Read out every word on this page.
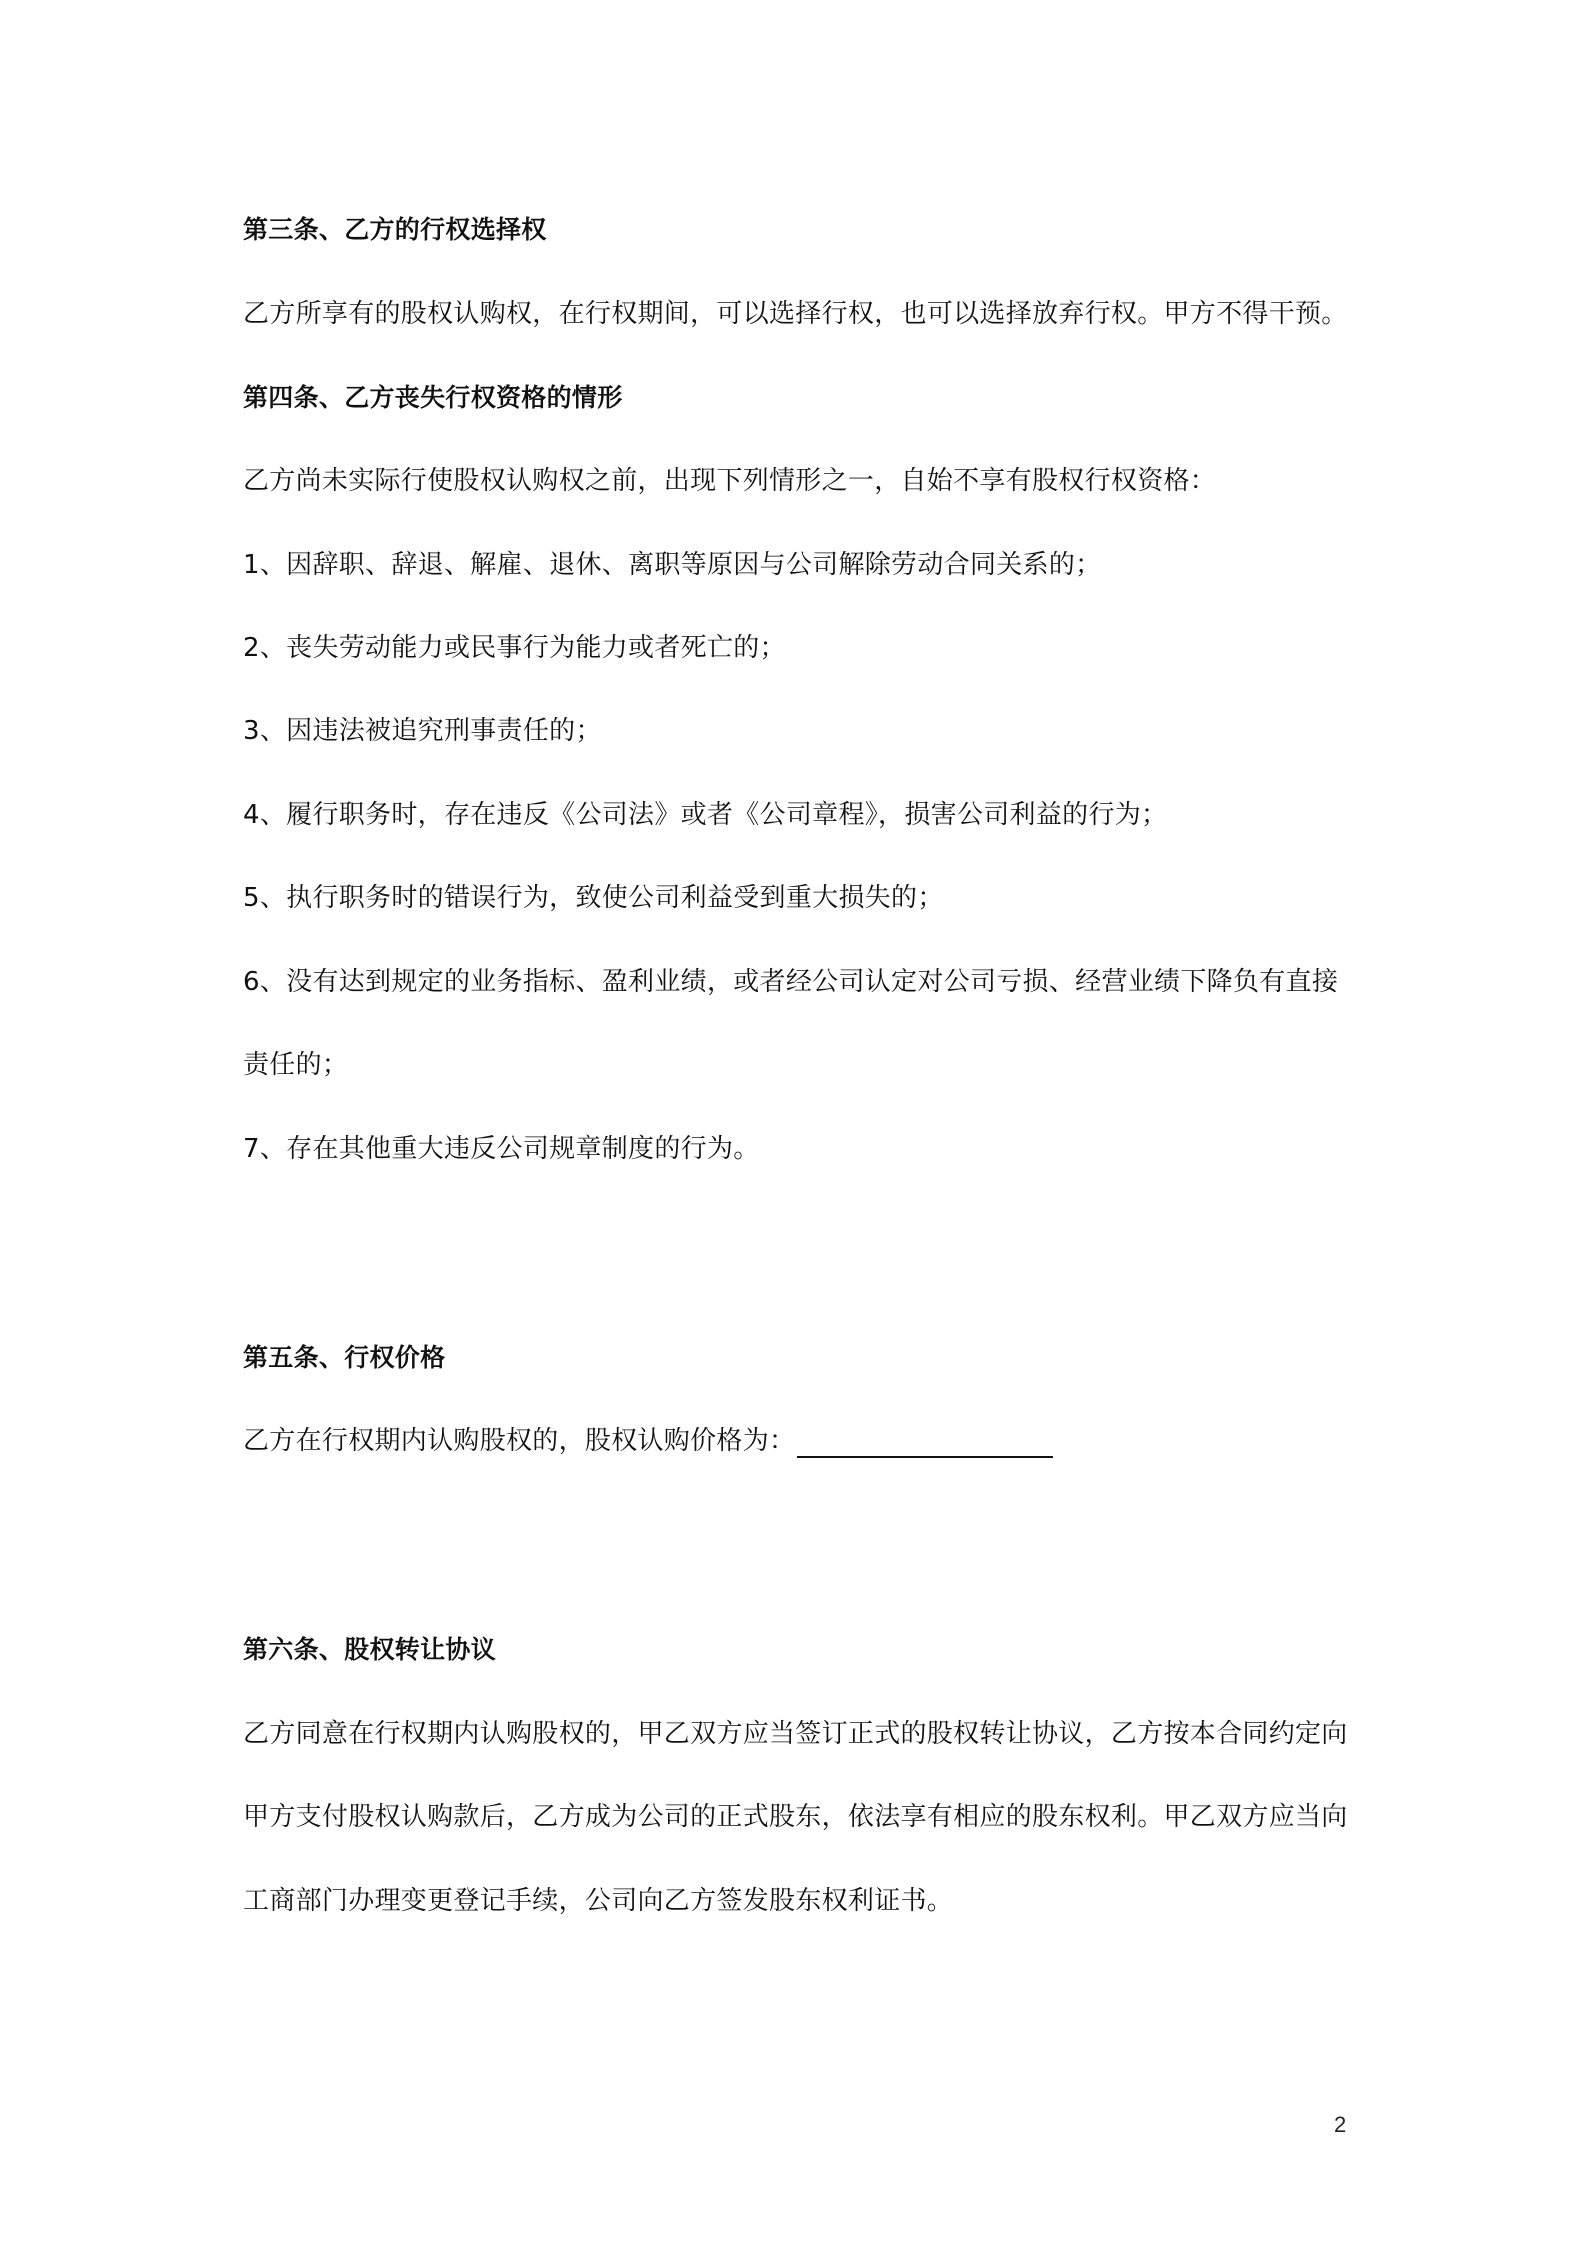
第三条、乙方的行权选择权
乙方所享有的股权认购权，在行权期间，可以选择行权，也可以选择放弃行权。甲方不得干预。
第四条、乙方丧失行权资格的情形
乙方尚未实际行使股权认购权之前，出现下列情形之一，自始不享有股权行权资格：
1、因辞职、辞退、解雇、退休、离职等原因与公司解除劳动合同关系的；
2、丧失劳动能力或民事行为能力或者死亡的；
3、因违法被追究刑事责任的；
4、履行职务时，存在违反《公司法》或者《公司章程》，损害公司利益的行为；
5、执行职务时的错误行为，致使公司利益受到重大损失的；
6、没有达到规定的业务指标、盈利业绩，或者经公司认定对公司亏损、经营业绩下降负有直接
责任的；
7、存在其他重大违反公司规章制度的行为。
第五条、行权价格
乙方在行权期内认购股权的，股权认购价格为：
第六条、股权转让协议
乙方同意在行权期内认购股权的，甲乙双方应当签订正式的股权转让协议，乙方按本合同约定向
甲方支付股权认购款后，乙方成为公司的正式股东，依法享有相应的股东权利。甲乙双方应当向
工商部门办理变更登记手续，公司向乙方签发股东权利证书。
2
